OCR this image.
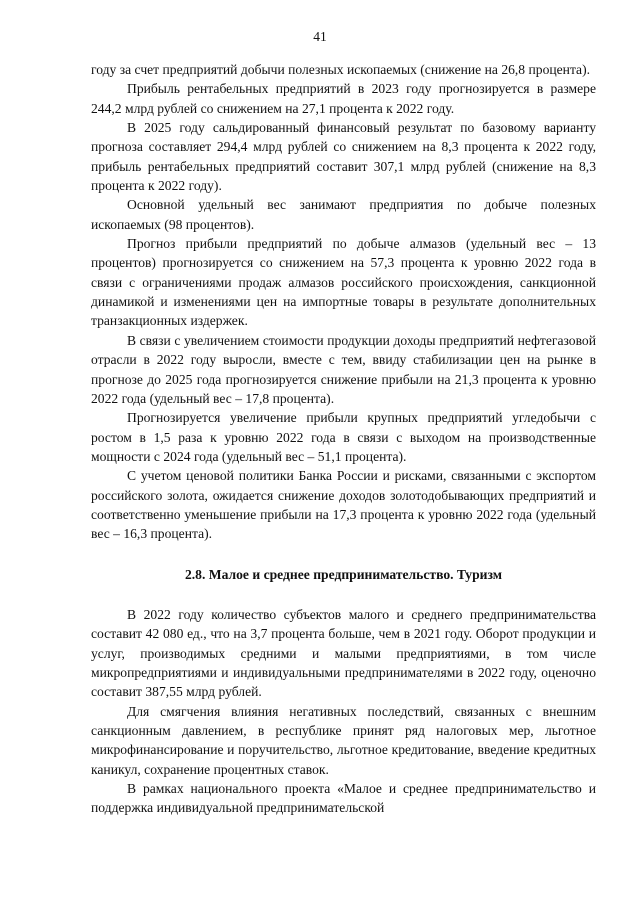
41

году за счет предприятий добычи полезных ископаемых (снижение на 26,8 процента).

Прибыль рентабельных предприятий в 2023 году прогнозируется в размере 244,2 млрд рублей со снижением на 27,1 процента к 2022 году.

В 2025 году сальдированный финансовый результат по базовому варианту прогноза составляет 294,4 млрд рублей со снижением на 8,3 процента к 2022 году, прибыль рентабельных предприятий составит 307,1 млрд рублей (снижение на 8,3 процента к 2022 году).

Основной удельный вес занимают предприятия по добыче полезных ископаемых (98 процентов).

Прогноз прибыли предприятий по добыче алмазов (удельный вес – 13 процентов) прогнозируется со снижением на 57,3 процента к уровню 2022 года в связи с ограничениями продаж алмазов российского происхождения, санкционной динамикой и изменениями цен на импортные товары в результате дополнительных транзакционных издержек.

В связи с увеличением стоимости продукции доходы предприятий нефтегазовой отрасли в 2022 году выросли, вместе с тем, ввиду стабилизации цен на рынке в прогнозе до 2025 года прогнозируется снижение прибыли на 21,3 процента к уровню 2022 года (удельный вес – 17,8 процента).

Прогнозируется увеличение прибыли крупных предприятий угледобычи с ростом в 1,5 раза к уровню 2022 года в связи с выходом на производственные мощности с 2024 года (удельный вес – 51,1 процента).

С учетом ценовой политики Банка России и рисками, связанными с экспортом российского золота, ожидается снижение доходов золотодобывающих предприятий и соответственно уменьшение прибыли на 17,3 процента к уровню 2022 года (удельный вес – 16,3 процента).

2.8. Малое и среднее предпринимательство. Туризм

В 2022 году количество субъектов малого и среднего предпринимательства составит 42 080 ед., что на 3,7 процента больше, чем в 2021 году. Оборот продукции и услуг, производимых средними и малыми предприятиями, в том числе микропредприятиями и индивидуальными предпринимателями в 2022 году, оценочно составит 387,55 млрд рублей.

Для смягчения влияния негативных последствий, связанных с внешним санкционным давлением, в республике принят ряд налоговых мер, льготное микрофинансирование и поручительство, льготное кредитование, введение кредитных каникул, сохранение процентных ставок.

В рамках национального проекта «Малое и среднее предпринимательство и поддержка индивидуальной предпринимательской
